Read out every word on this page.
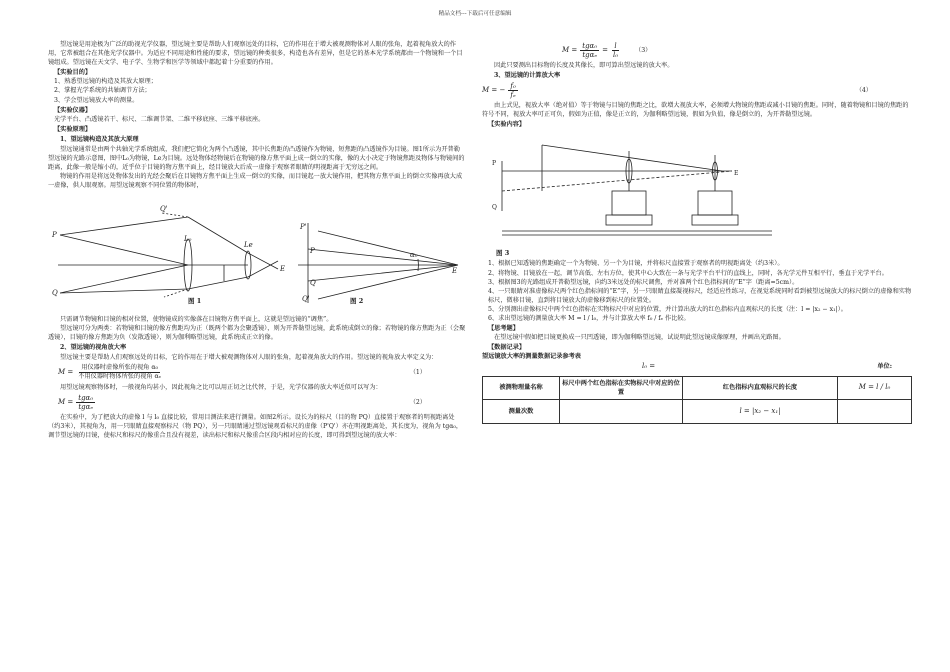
精品文档---下载后可任意编辑

望远镜是用途极为广泛的助视光学仪器，望远镜主要是帮助人们观察远处的目标，它的作用在于增大被观测物体对人眼的张角，起着视角放大的作用，它常被组合在其他光学仪器中。为适应不同用途和性能的要求，望远镜的种类很多，构造也各有差异，但是它的基本光学系统都由一个物镜和一个目镜组成。望远镜在天文学、电子学、生物学和医学等领域中都起着十分重要的作用。

【实验目的】

1、熟悉望远镜的构造及其放大原理；

2、掌握光学系统的共轴调节方法；

3、学会望远镜放大率的测量。

【实验仪器】

光学平台、凸透镜若干、标尺、二维调节架、二维平移底座、三维平移底座。

【实验原理】
1、望远镜构造及其放大原理

望远镜通常是由两个共轴光学系统组成，我们把它简化为两个凸透镜，其中长焦距的凸透镜作为物镜，短焦距的凸透镜作为目镜。图1所示为开普勒望远镜的光路示意图，图中L₀为物镜，Le为目镜。远处物体经物镜后在物镜的像方焦平面上成一倒立的实像，像的大小决定于物镜焦距及物体与物镜间的距离，此像一般是缩小的，近乎位于目镜的物方焦平面上，经目镜放大后成一虚像于观察者眼睛的明视距离于无穷远之间。

物镜的作用是将远处物体发出的光经会聚后在目镜物方焦平面上生成一倒立的实像，而目镜起一放大镜作用，把其物方焦平面上的倒立实像再放大成一虚像，供人眼观察。用望远镜观察不同位置的物体时，

P
Q
Q'
L₀
Le
E
P'
P
Q
Q'
E
α₀
图 1	图 2

只需调节物镜和目镜的相对位置，使物镜成的实像落在目镜物方焦平面上，这就是望远镜的“调焦”。

望远镜可分为两类：若物镜和目镜的像方焦距均为正（既两个都为会聚透镜），则为开普勒望远镜，此系统成倒立的像；若物镜的像方焦距为正（会聚透镜），目镜的像方焦距为负（发散透镜），则为伽利略望远镜，此系统成正立的像。

2、望远镜的视角放大率

望远镜主要是帮助人们观察远处的目标，它的作用在于增大被观测物体对人眼的张角，起着视角放大的作用。望远镜的视角放大率定义为：

$M = \frac{\text{用仪器时虚像所张的视角 α₀}}{\text{不用仪器时物体所张的视角 αₑ}}$	（1）

用望远镜观察物体时，一般视角均甚小，因此视角之比可以用正切之比代替，于是，光学仪器的放大率近似可以写为：

$M = \frac{\text{tgα₀}}{\text{tgαₑ}}$	（2）

在实验中，为了把放大的虚像 l 与 l₀ 直接比较，常用目测法来进行测量。如图2所示。设长为的标尺（目的物 PQ）直接置于观察者的明视距离处（约3米），其视角为，用一只眼睛直接观察标尺（物 PQ），另一只眼睛通过望远镜观看标尺的虚像（P'Q'）亦在明视距离处，其长度为，视角为 tgα₀，调节望远镜的目镜，使标尺和标尺的像重合且没有视差，读出标尺和标尺像重合区段内相对应的长度，即可得到望远镜的放大率：

$M = \frac{\text{tgα₀}}{\text{tgαₑ}} = \frac{l}{\text{l₀}} (3)$

因此只要测出目标物的长度及其像长，即可算出望远镜的放大率。

3、望远镜的计算放大率
M = − $\frac{\text{f₀}}{\text{fₑ}}$	（4）

由上式见，视放大率（绝对值）等于物镜与目镜的焦距之比，欲增大视放大率，必须增大物镜的焦距或减小目镜的焦距。同时，随着物镜和目镜的焦距的符号不同，视放大率可正可负，假如为正值，像是正立的，为伽利略望远镜，假如为负值，像是倒立的，为开普勒望远镜。

【实验内容】
P
Q
E
图 3

1、根据已知透镜的焦距确定一个为物镜、另一个为目镜，并将标尺直接置于观察者的明视距离处（约3米）。

2、将物镜、目镜放在一起，调节高低、左右方位，使其中心大致在一条与光学平台平行的直线上，同时，各光学元件互相平行，垂直于光学平台。

3、根据图3的光路组成开普勒望远镜，向约3米远处的标尺调焦，并对准两个红色指标间的“E”字（距离=5cm）。

4、一只眼睛对准虚像标尺两个红色指标间的“E”字，另一只眼睛直接凝视标尺，经适应性练习，在视觉系统同时看到被望远镜放大的标尺倒立的虚像和实物标尺，微移目镜，直到将目镜放大的虚像移到标尺的位置处。

5、分别测出虚像标尺中两个红色指标在实物标尺中对应的位置，并计算出放大的红色指标内直观标尺的长度（注：l = |x₂ − x₁|）。

6、求出望远镜的测量放大率 M = l / l₀，并与计算放大率 f₀ / fₑ 作比较。

【思考题】

在望远镜中假如把目镜更换成一只凹透镜，即为伽利略望远镜，试说明此望远镜成像原理，并画出光路图。

【数据记录】
望远镜放大率的测量数据记录参考表
l₀ =	单位:
被测物理量名称	标尺中两个红色指标在实物标尺中对应的位置	红色指标内直观标尺的长度	M = l / l₀
测量次数		l = |x₂ − x₁|	
